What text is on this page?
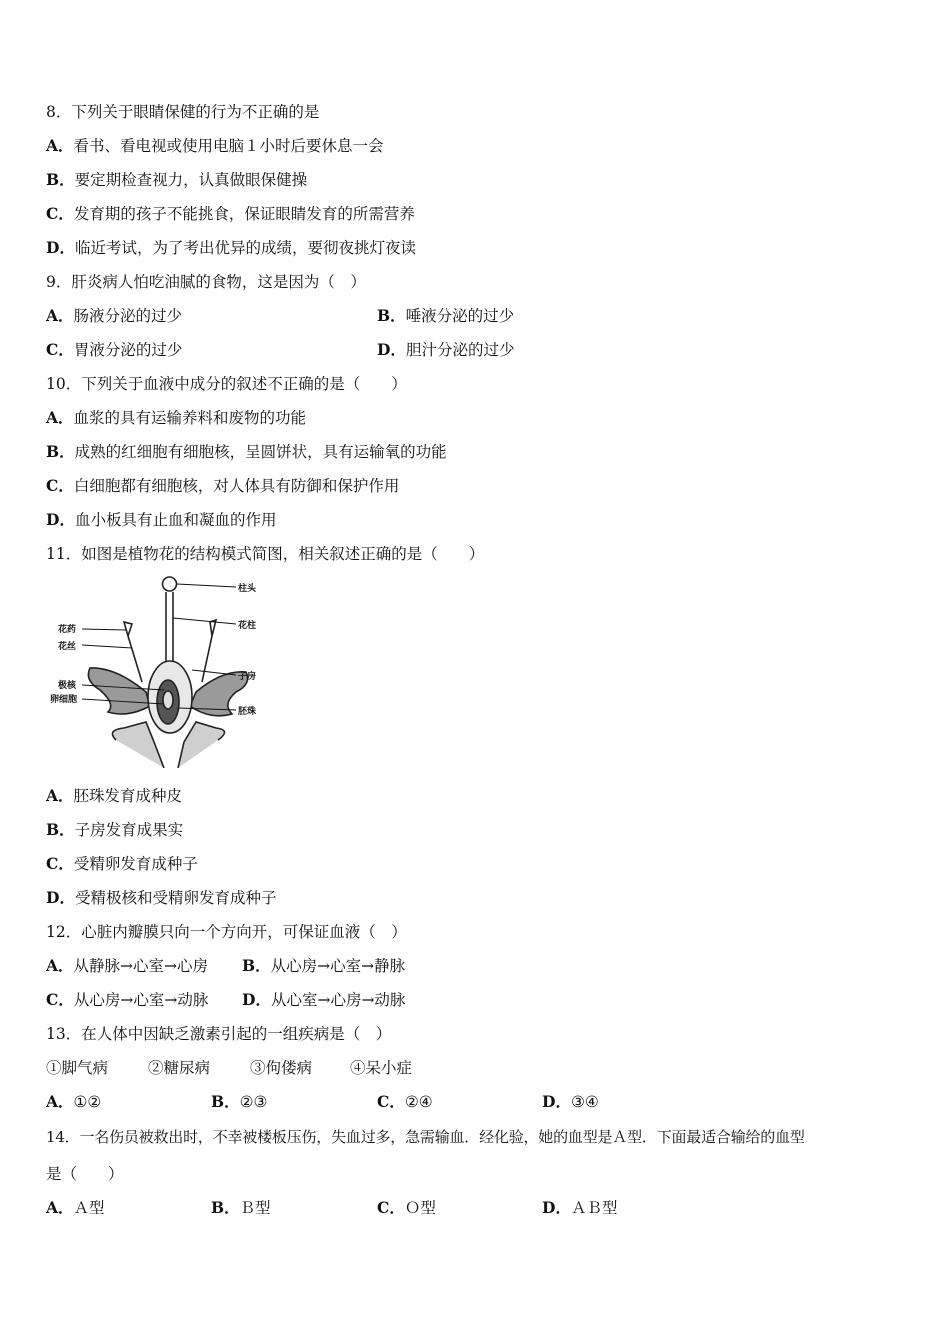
8．下列关于眼睛保健的行为不正确的是
A．看书、看电视或使用电脑１小时后要休息一会
B．要定期检查视力，认真做眼保健操
C．发育期的孩子不能挑食，保证眼睛发育的所需营养
D．临近考试，为了考出优异的成绩，要彻夜挑灯夜读
9．肝炎病人怕吃油腻的食物，这是因为（　）
A．肠液分泌的过少	B．唾液分泌的过少
C．胃液分泌的过少	D．胆汁分泌的过少
10．下列关于血液中成分的叙述不正确的是（　　）
A．血浆的具有运输养料和废物的功能
B．成熟的红细胞有细胞核，呈圆饼状，具有运输氧的功能
C．白细胞都有细胞核，对人体具有防御和保护作用
D．血小板具有止血和凝血的作用
11．如图是植物花的结构模式简图，相关叙述正确的是（　　）
柱头
花柱
花药
花丝
子房
极核
卵细胞
胚珠
A．胚珠发育成种皮
B．子房发育成果实
C．受精卵发育成种子
D．受精极核和受精卵发育成种子
12．心脏内瓣膜只向一个方向开，可保证血液（　）
A．从静脉→心室→心房 B．从心房→心室→静脉
C．从心房→心室→动脉 D．从心室→心房→动脉
13．在人体中因缺乏激素引起的一组疾病是（　）
①脚气病	②糖尿病	③佝偻病 ④呆小症
A．①②	B．②③	C．②④	D．③④
14．一名伤员被救出时，不幸被楼板压伤，失血过多，急需输血．经化验，她的血型是Ａ型．下面最适合输给的血型
是（　　）
A．Ａ型	B．Ｂ型	C．Ｏ型	D．ＡＢ型
